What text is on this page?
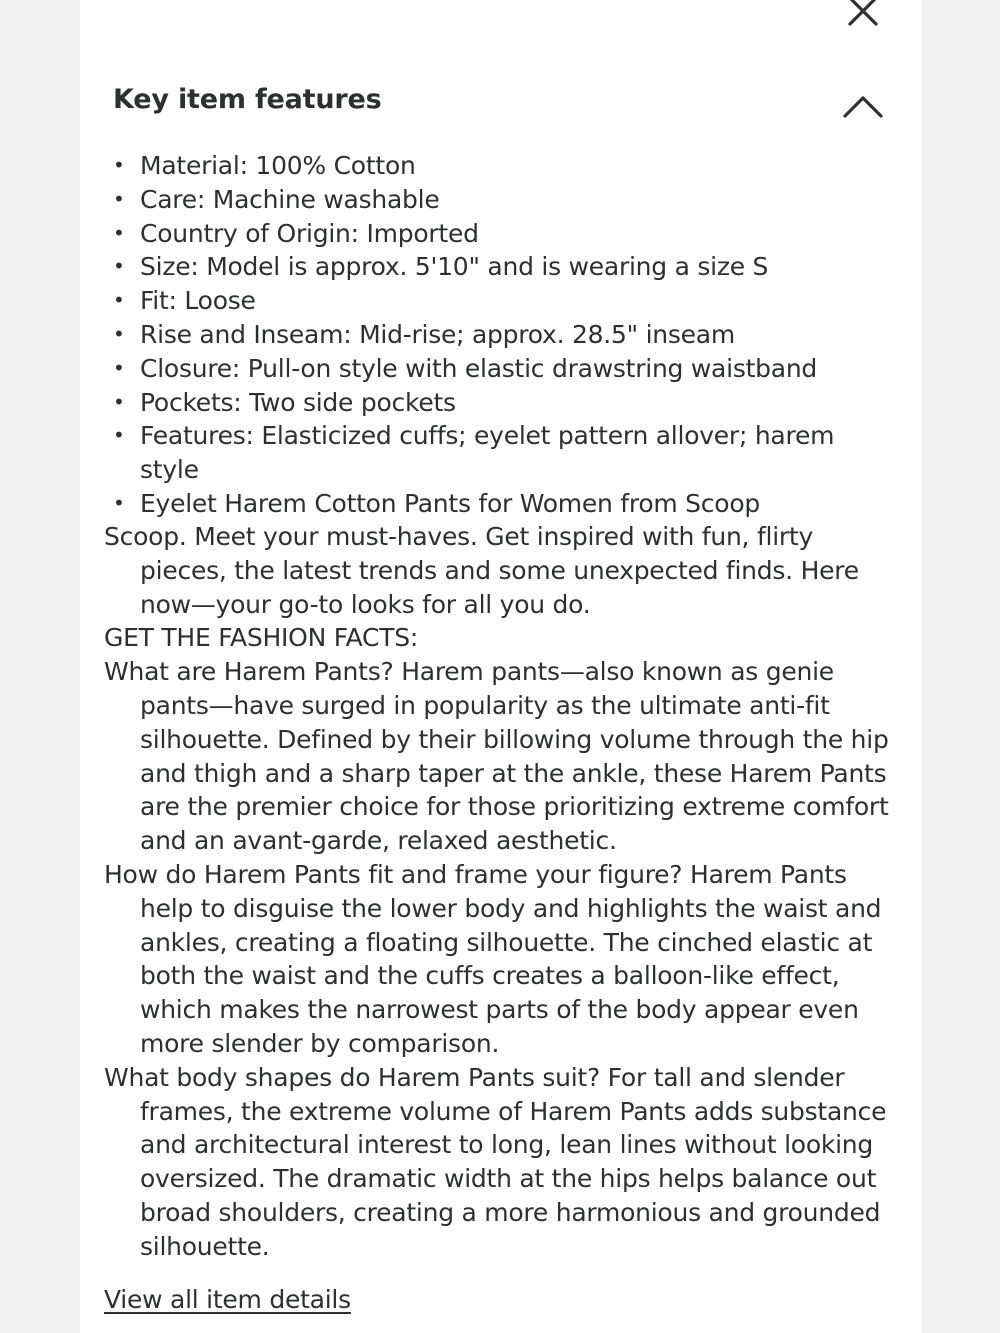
Key item features
• Material: 100% Cotton
• Care: Machine washable
• Country of Origin: Imported
• Size: Model is approx. 5'10" and is wearing a size S
• Fit: Loose
• Rise and Inseam: Mid-rise; approx. 28.5" inseam
• Closure: Pull-on style with elastic drawstring waistband
• Pockets: Two side pockets
• Features: Elasticized cuffs; eyelet pattern allover; harem style
• Eyelet Harem Cotton Pants for Women from Scoop

Scoop. Meet your must-haves. Get inspired with fun, flirty pieces, the latest trends and some unexpected finds. Here now—your go-to looks for all you do.

GET THE FASHION FACTS:

What are Harem Pants? Harem pants—also known as genie pants—have surged in popularity as the ultimate anti-fit silhouette. Defined by their billowing volume through the hip and thigh and a sharp taper at the ankle, these Harem Pants are the premier choice for those prioritizing extreme comfort and an avant-garde, relaxed aesthetic.

How do Harem Pants fit and frame your figure? Harem Pants help to disguise the lower body and highlights the waist and ankles, creating a floating silhouette. The cinched elastic at both the waist and the cuffs creates a balloon-like effect, which makes the narrowest parts of the body appear even more slender by comparison.

What body shapes do Harem Pants suit? For tall and slender frames, the extreme volume of Harem Pants adds substance and architectural interest to long, lean lines without looking oversized. The dramatic width at the hips helps balance out broad shoulders, creating a more harmonious and grounded silhouette.

View all item details
